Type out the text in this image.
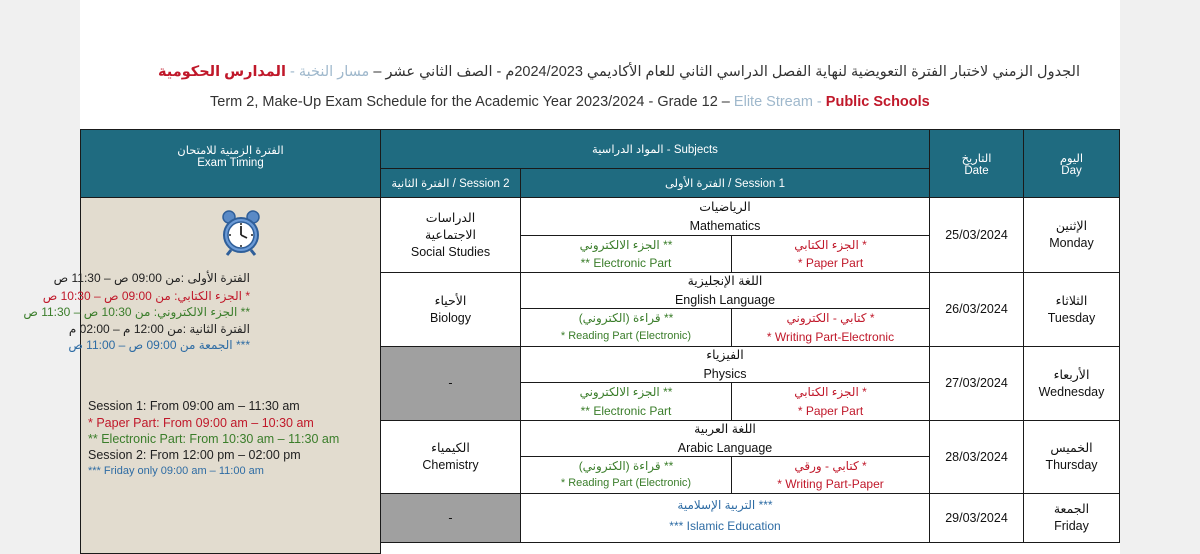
الجدول الزمني لاختبار الفترة التعويضية لنهاية الفصل الدراسي الثاني للعام الأكاديمي 2024/2023م - الصف الثاني عشر – مسار النخبة - المدارس الحكومية
Term 2, Make-Up Exam Schedule for the Academic Year 2023/2024 - Grade 12 – Elite Stream - Public Schools
الفترة الزمنية للامتحان
Exam Timing
المواد الدراسية - Subjects
الفترة الثانية / Session 2	الفترة الأولى / Session 1
التاريخ
Date
اليوم
Day
الفترة الأولى :من 09:00 ص – 11:30 ص
* الجزء الكتابي: من 09:00 ص – 10:30 ص
** الجزء الالكتروني: من 10:30 ص – 11:30 ص
الفترة الثانية :من 12:00 م – 02:00 م
*** الجمعة من 09:00 ص – 11:00 ص
Session 1: From 09:00 am – 11:30 am
* Paper Part: From 09:00 am – 10:30 am
** Electronic Part: From 10:30 am – 11:30 am
Session 2: From 12:00 pm – 02:00 pm
*** Friday only 09:00 am – 11:00 am
الإثنين
Monday
25/03/2024
الرياضيات
Mathematics
* الجزء الكتابي
* Paper Part
** الجزء الالكتروني
** Electronic Part
الدراسات
الاجتماعية
Social Studies
الثلاثاء
Tuesday
26/03/2024
اللغة الإنجليزية
English Language
* كتابي - الكتروني
* Writing Part-Electronic
** قراءة (الكتروني)
* Reading Part (Electronic)
الأحياء
Biology
الأربعاء
Wednesday
27/03/2024
الفيزياء
Physics
* الجزء الكتابي
* Paper Part
** الجزء الالكتروني
** Electronic Part
-
الخميس
Thursday
28/03/2024
اللغة العربية
Arabic Language
* كتابي - ورقي
* Writing Part-Paper
** قراءة (الكتروني)
* Reading Part (Electronic)
الكيمياء
Chemistry
الجمعة
Friday
29/03/2024
*** التربية الإسلامية
*** Islamic Education
-
